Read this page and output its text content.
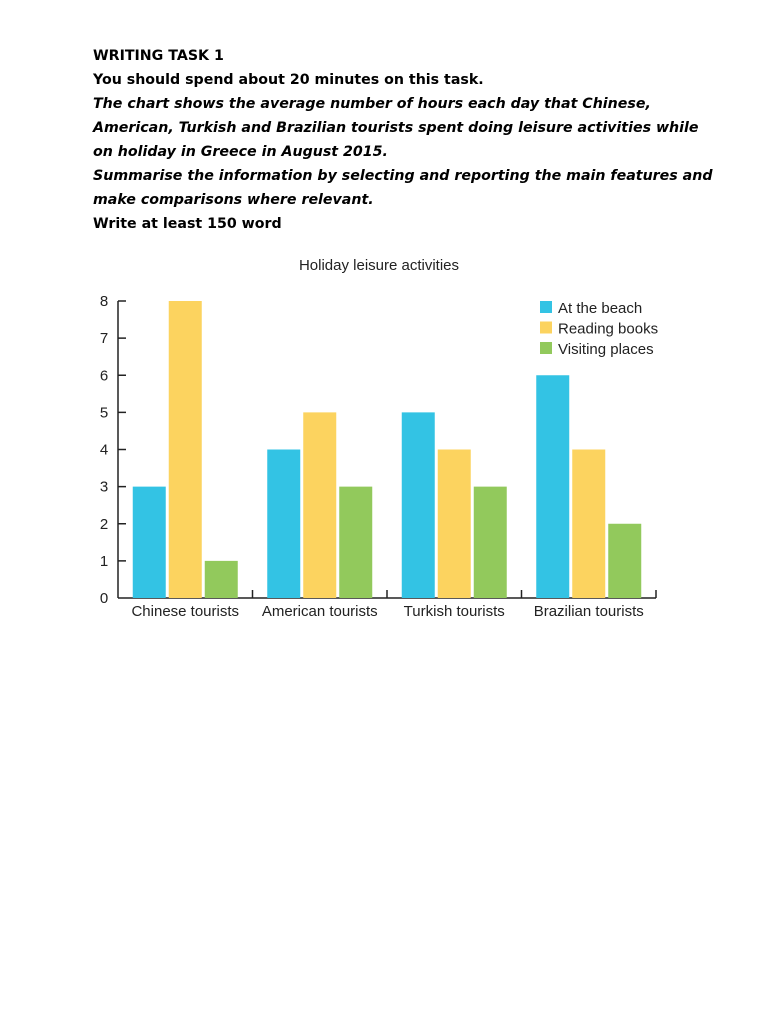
WRITING TASK 1
You should spend about 20 minutes on this task.
The chart shows the average number of hours each day that Chinese,
American, Turkish and Brazilian tourists spent doing leisure activities while
on holiday in Greece in August 2015.
Summarise the information by selecting and reporting the main features and
make comparisons where relevant.
Write at least 150 word
Holiday leisure activities
0
1
2
3
4
5
6
7
8
Chinese tourists American tourists Turkish tourists Brazilian tourists
At the beach
Reading books
Visiting places
